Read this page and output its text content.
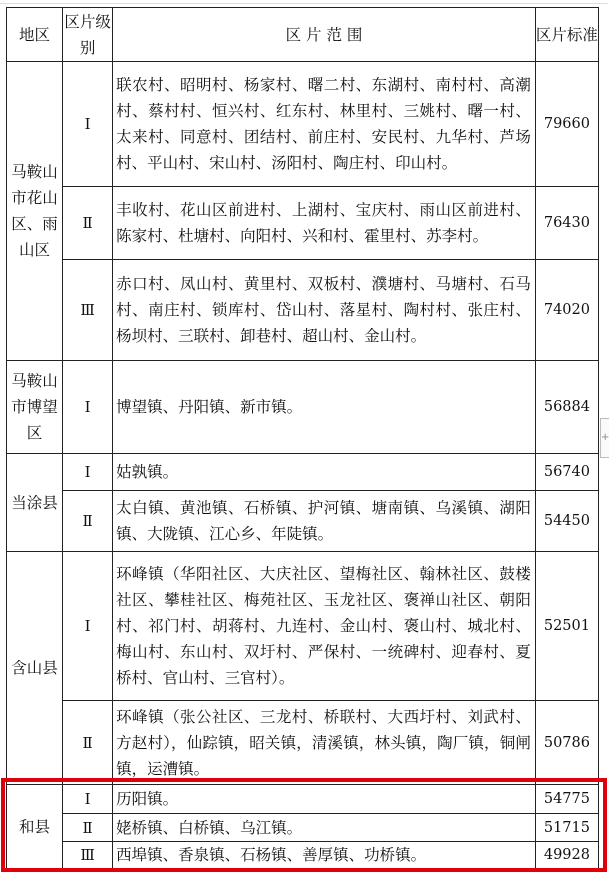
地区	区片级别	区 片 范 围	区片标准
马鞍山市花山区、雨山区	Ⅰ	联农村、昭明村、杨家村、曙二村、东湖村、南村村、高潮村、蔡村村、恒兴村、红东村、林里村、三姚村、曙一村、太来村、同意村、团结村、前庄村、安民村、九华村、芦场村、平山村、宋山村、汤阳村、陶庄村、印山村。	79660
	Ⅱ	丰收村、花山区前进村、上湖村、宝庆村、雨山区前进村、陈家村、杜塘村、向阳村、兴和村、霍里村、苏李村。	76430
	Ⅲ	赤口村、凤山村、黄里村、双板村、濮塘村、马塘村、石马村、南庄村、锁库村、岱山村、落星村、陶村村、张庄村、杨坝村、三联村、卸巷村、超山村、金山村。	74020
马鞍山市博望区	Ⅰ	博望镇、丹阳镇、新市镇。	56884
当涂县	Ⅰ	姑孰镇。	56740
	Ⅱ	太白镇、黄池镇、石桥镇、护河镇、塘南镇、乌溪镇、湖阳镇、大陇镇、江心乡、年陡镇。	54450
含山县	Ⅰ	环峰镇（华阳社区、大庆社区、望梅社区、翰林社区、鼓楼社区、攀桂社区、梅苑社区、玉龙社区、褒禅山社区、朝阳村、祁门村、胡蒋村、九连村、金山村、褒山村、城北村、梅山村、东山村、双圩村、严保村、一统碑村、迎春村、夏桥村、官山村、三官村）。	52501
	Ⅱ	环峰镇（张公社区、三龙村、桥联村、大西圩村、刘武村、方赵村），仙踪镇，昭关镇，清溪镇，林头镇，陶厂镇，铜闸镇，运漕镇。	50786
和县	Ⅰ	历阳镇。	54775
	Ⅱ	姥桥镇、白桥镇、乌江镇。	51715
	Ⅲ	西埠镇、香泉镇、石杨镇、善厚镇、功桥镇。	49928
+
